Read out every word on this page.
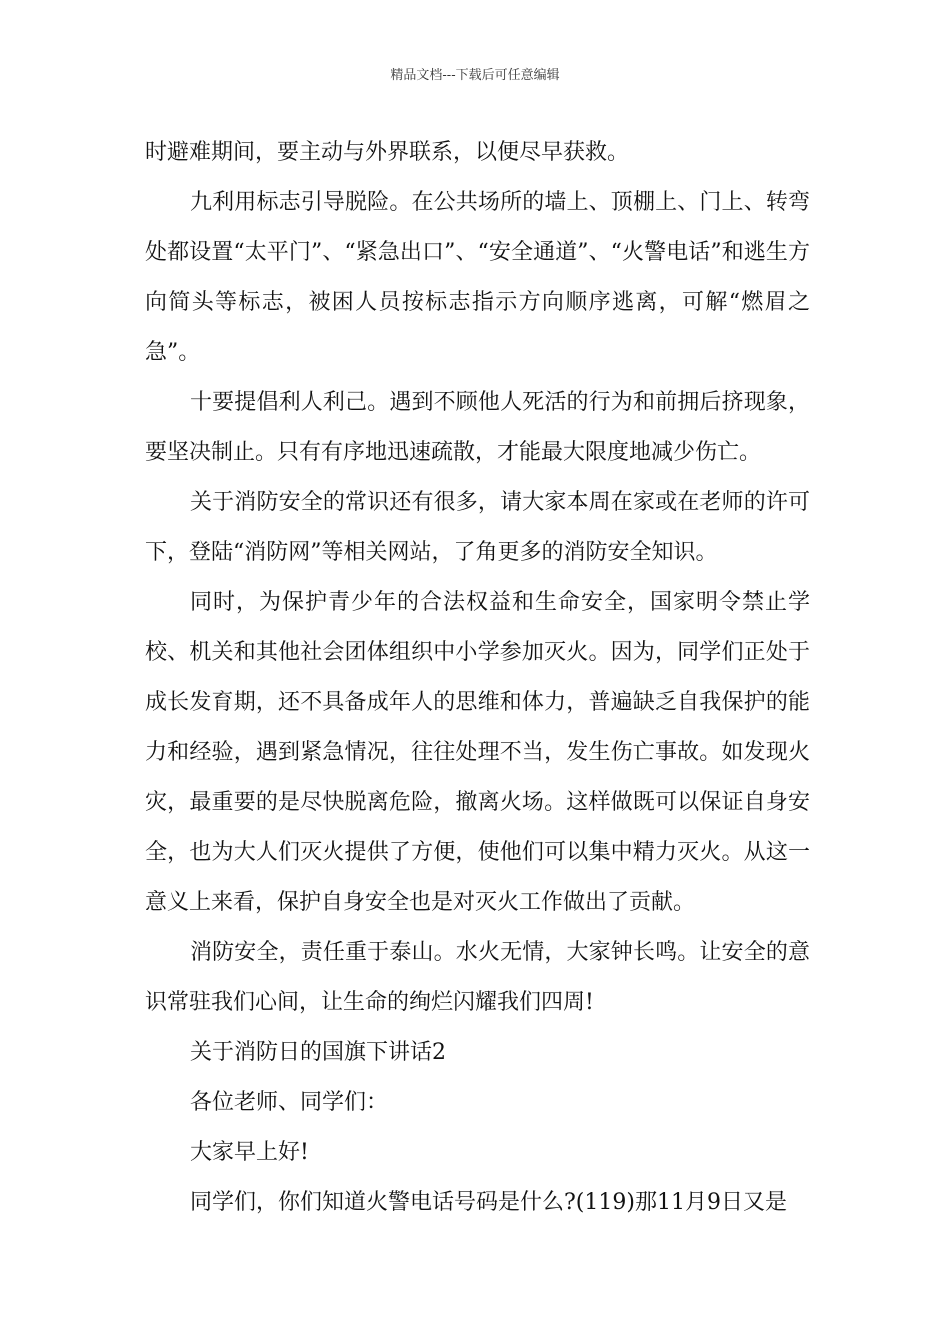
精品文档---下载后可任意编辑

时避难期间，要主动与外界联系，以便尽早获救。

九利用标志引导脱险。在公共场所的墙上、顶棚上、门上、转弯处都设置“太平门”、“紧急出口”、“安全通道”、“火警电话”和逃生方向简头等标志，被困人员按标志指示方向顺序逃离，可解“燃眉之急”。

十要提倡利人利己。遇到不顾他人死活的行为和前拥后挤现象，要坚决制止。只有有序地迅速疏散，才能最大限度地减少伤亡。

关于消防安全的常识还有很多，请大家本周在家或在老师的许可下，登陆“消防网”等相关网站，了角更多的消防安全知识。

同时，为保护青少年的合法权益和生命安全，国家明令禁止学校、机关和其他社会团体组织中小学参加灭火。因为，同学们正处于成长发育期，还不具备成年人的思维和体力，普遍缺乏自我保护的能力和经验，遇到紧急情况，往往处理不当，发生伤亡事故。如发现火灾，最重要的是尽快脱离危险，撤离火场。这样做既可以保证自身安全，也为大人们灭火提供了方便，使他们可以集中精力灭火。从这一意义上来看，保护自身安全也是对灭火工作做出了贡献。

消防安全，责任重于泰山。水火无情，大家钟长鸣。让安全的意识常驻我们心间，让生命的绚烂闪耀我们四周!

关于消防日的国旗下讲话2

各位老师、同学们：

大家早上好!

同学们，你们知道火警电话号码是什么?(119)那11月9日又是
